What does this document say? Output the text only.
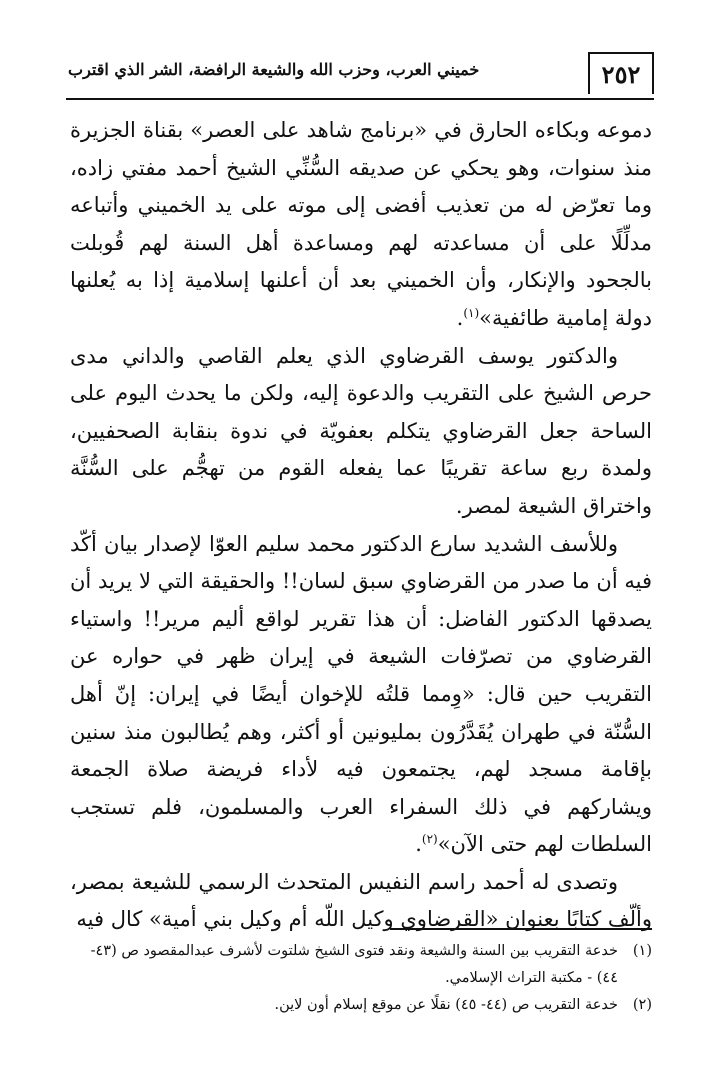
٢٥٢
خميني العرب، وحزب الله والشيعة الرافضة، الشر الذي اقترب

دموعه وبكاءه الحارق في «برنامج شاهد على العصر» بقناة الجزيرة منذ سنوات، وهو يحكي عن صديقه السُّنِّي الشيخ أحمد مفتي زاده، وما تعرّض له من تعذيب أفضى إلى موته على يد الخميني وأتباعه مدلِّلًا على أن مساعدته لهم ومساعدة أهل السنة لهم قُوبلت بالجحود والإنكار، وأن الخميني بعد أن أعلنها إسلامية إذا به يُعلنها دولة إمامية طائفية»$^{(١)}$.

والدكتور يوسف القرضاوي الذي يعلم القاصي والداني مدى حرص الشيخ على التقريب والدعوة إليه، ولكن ما يحدث اليوم على الساحة جعل القرضاوي يتكلم بعفويّة في ندوة بنقابة الصحفيين، ولمدة ربع ساعة تقريبًا عما يفعله القوم من تهجُّم على السُّنَّة واختراق الشيعة لمصر.

وللأسف الشديد سارع الدكتور محمد سليم العوّا لإصدار بيان أكّد فيه أن ما صدر من القرضاوي سبق لسان!! والحقيقة التي لا يريد أن يصدقها الدكتور الفاضل: أن هذا تقرير لواقع أليم مرير!! واستياء القرضاوي من تصرّفات الشيعة في إيران ظهر في حواره عن التقريب حين قال: «وِمما قلتُه للإخوان أيضًا في إيران: إنّ أهل السُّنّة في طهران يُقَدَّرُون بمليونين أو أكثر، وهم يُطالبون منذ سنين بإقامة مسجد لهم، يجتمعون فيه لأداء فريضة صلاة الجمعة ويشاركهم في ذلك السفراء العرب والمسلمون، فلم تستجب السلطات لهم حتى الآن»$^{(٢)}$.

وتصدى له أحمد راسم النفيس المتحدث الرسمي للشيعة بمصر، وألّف كتابًا بعنوان «القرضاوي وكيل اللّه أم وكيل بني أمية» كال فيه

(١)خدعة التقريب بين السنة والشيعة ونقد فتوى الشيخ شلتوت لأشرف عبدالمقصود ص (٤٣-

٤٤) - مكتبة التراث الإسلامي.

(٢)خدعة التقريب ص (٤٤- ٤٥) نقلًا عن موقع إسلام أون لاين.
